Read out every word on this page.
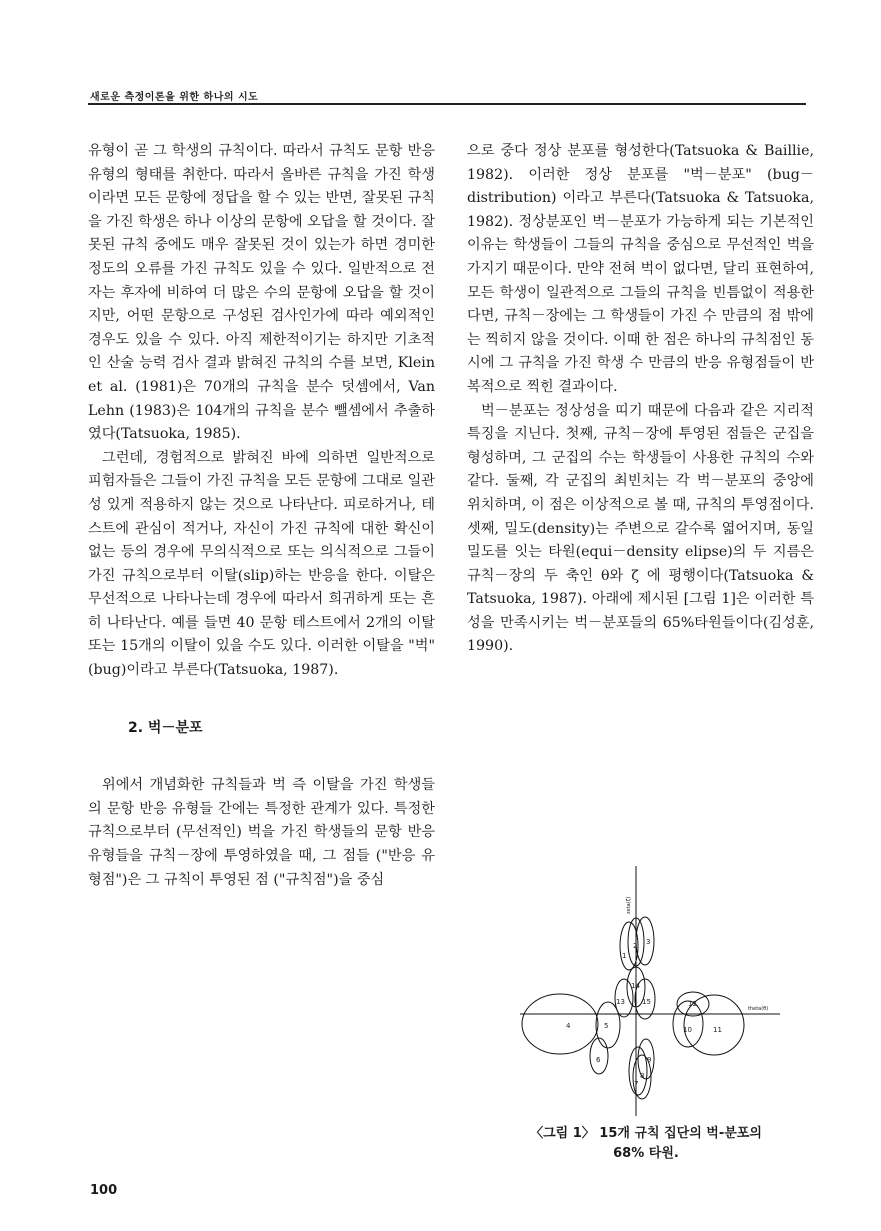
새로운 측정이론을 위한 하나의 시도

유형이 곧 그 학생의 규칙이다. 따라서 규칙도 문항 반응 유형의 형태를 취한다. 따라서 올바른 규칙을 가진 학생이라면 모든 문항에 정답을 할 수 있는 반면, 잘못된 규칙을 가진 학생은 하나 이상의 문항에 오답을 할 것이다. 잘못된 규칙 중에도 매우 잘못된 것이 있는가 하면 경미한 정도의 오류를 가진 규칙도 있을 수 있다. 일반적으로 전자는 후자에 비하여 더 많은 수의 문항에 오답을 할 것이지만, 어떤 문항으로 구성된 검사인가에 따라 예외적인 경우도 있을 수 있다. 아직 제한적이기는 하지만 기초적인 산술 능력 검사 결과 밝혀진 규칙의 수를 보면, Klein et al. (1981)은 70개의 규칙을 분수 덧셈에서, Van Lehn (1983)은 104개의 규칙을 분수 뺄셈에서 추출하였다(Tatsuoka, 1985).

그런데, 경험적으로 밝혀진 바에 의하면 일반적으로 피험자들은 그들이 가진 규칙을 모든 문항에 그대로 일관성 있게 적용하지 않는 것으로 나타난다. 피로하거나, 테스트에 관심이 적거나, 자신이 가진 규칙에 대한 확신이 없는 등의 경우에 무의식적으로 또는 의식적으로 그들이 가진 규칙으로부터 이탈(slip)하는 반응을 한다. 이탈은 무선적으로 나타나는데 경우에 따라서 희귀하게 또는 흔히 나타난다. 예를 들면 40 문항 테스트에서 2개의 이탈 또는 15개의 이탈이 있을 수도 있다. 이러한 이탈을 "벅" (bug)이라고 부른다(Tatsuoka, 1987).

2. 벅－분포

위에서 개념화한 규칙들과 벅 즉 이탈을 가진 학생들의 문항 반응 유형들 간에는 특정한 관계가 있다. 특정한 규칙으로부터 (무선적인) 벅을 가진 학생들의 문항 반응 유형들을 규칙－장에 투영하였을 때, 그 점들 ("반응 유형점")은 그 규칙이 투영된 점 ("규칙점")을 중심

으로 중다 정상 분포를 형성한다(Tatsuoka & Baillie, 1982). 이러한 정상 분포를 "벅－분포" (bug－distribution) 이라고 부른다(Tatsuoka & Tatsuoka, 1982). 정상분포인 벅－분포가 가능하게 되는 기본적인 이유는 학생들이 그들의 규칙을 중심으로 무선적인 벅을 가지기 때문이다. 만약 전혀 벅이 없다면, 달리 표현하여, 모든 학생이 일관적으로 그들의 규칙을 빈틈없이 적용한다면, 규칙－장에는 그 학생들이 가진 수 만큼의 점 밖에는 찍히지 않을 것이다. 이때 한 점은 하나의 규칙점인 동시에 그 규칙을 가진 학생 수 만큼의 반응 유형점들이 반복적으로 찍힌 결과이다.

벅－분포는 정상성을 띠기 때문에 다음과 같은 지리적 특징을 지닌다. 첫째, 규칙－장에 투영된 점들은 군집을 형성하며, 그 군집의 수는 학생들이 사용한 규칙의 수와 같다. 둘째, 각 군집의 최빈치는 각 벅－분포의 중앙에 위치하며, 이 점은 이상적으로 볼 때, 규칙의 투영점이다. 셋째, 밀도(density)는 주변으로 갈수록 엷어지며, 동일 밀도를 잇는 타원(equi－density elipse)의 두 지름은 규칙－장의 두 축인 θ와 ζ 에 평행이다(Tatsuoka & Tatsuoka, 1987). 아래에 제시된 [그림 1]은 이러한 특성을 만족시키는 벅－분포들의 65%타원들이다(김성훈, 1990).

theta(θ)
zeta(ζ)
1
2 3
4	5
6
7
8
9
10	11
12
13
14
15
〈그림 1〉 15개 규칙 집단의 벅-분포의
68% 타원.
100
